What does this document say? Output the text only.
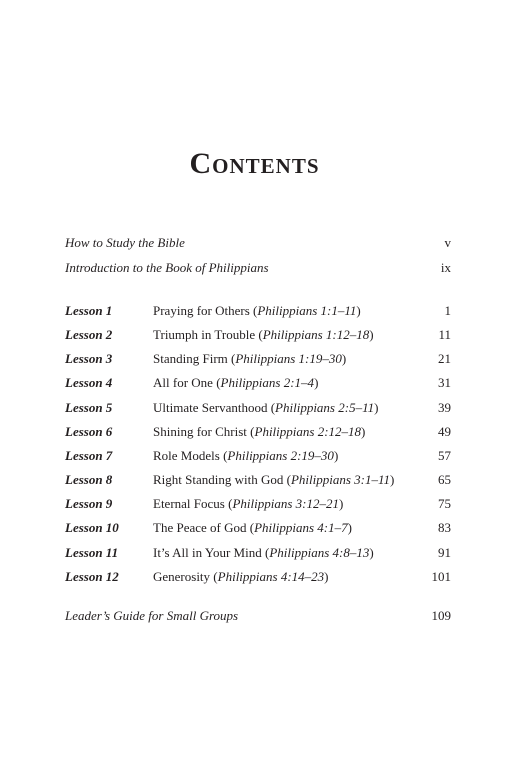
Contents
How to Study the Bible	v
Introduction to the Book of Philippians	ix
Lesson 1	Praying for Others (Philippians 1:1–11)	1
Lesson 2	Triumph in Trouble (Philippians 1:12–18)	11
Lesson 3	Standing Firm (Philippians 1:19–30)	21
Lesson 4	All for One (Philippians 2:1–4)	31
Lesson 5	Ultimate Servanthood (Philippians 2:5–11)	39
Lesson 6	Shining for Christ (Philippians 2:12–18)	49
Lesson 7	Role Models (Philippians 2:19–30)	57
Lesson 8	Right Standing with God (Philippians 3:1–11)	65
Lesson 9	Eternal Focus (Philippians 3:12–21)	75
Lesson 10	The Peace of God (Philippians 4:1–7)	83
Lesson 11	It’s All in Your Mind (Philippians 4:8–13)	91
Lesson 12	Generosity (Philippians 4:14–23)	101
Leader’s Guide for Small Groups	109
